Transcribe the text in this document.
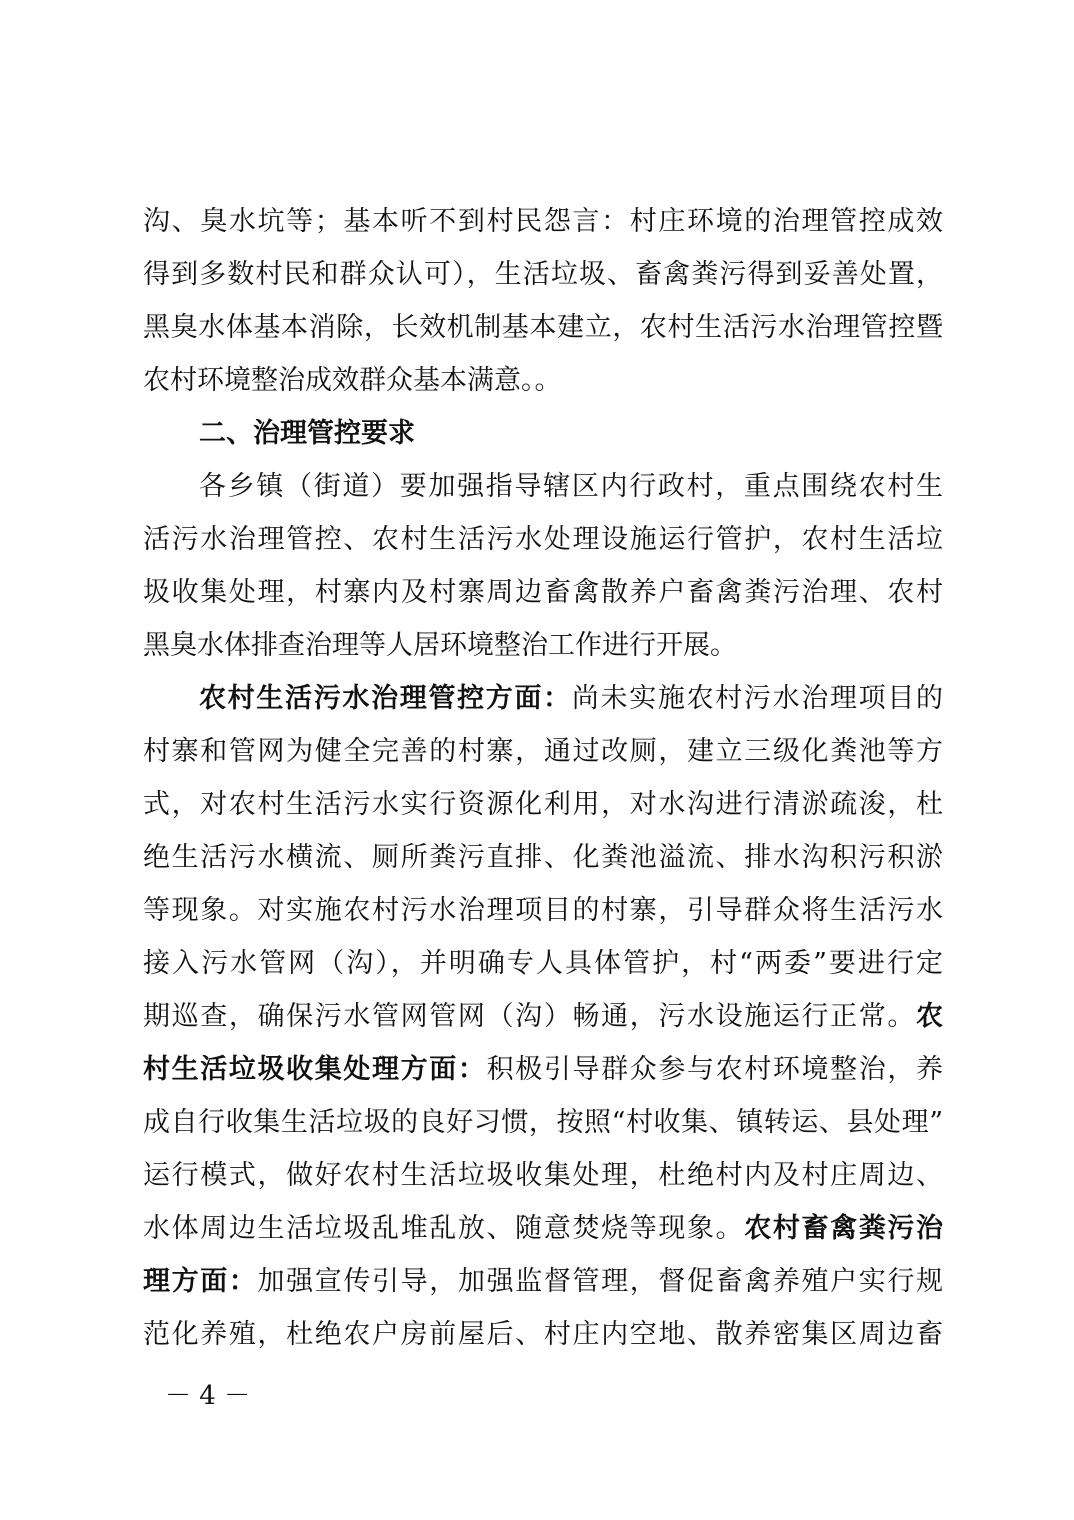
沟、臭水坑等；基本听不到村民怨言：村庄环境的治理管控成效
得到多数村民和群众认可），生活垃圾、畜禽粪污得到妥善处置，
黑臭水体基本消除，长效机制基本建立，农村生活污水治理管控暨
农村环境整治成效群众基本满意。。
二、治理管控要求
各乡镇（街道）要加强指导辖区内行政村，重点围绕农村生
活污水治理管控、农村生活污水处理设施运行管护，农村生活垃
圾收集处理，村寨内及村寨周边畜禽散养户畜禽粪污治理、农村
黑臭水体排查治理等人居环境整治工作进行开展。
农村生活污水治理管控方面：尚未实施农村污水治理项目的
村寨和管网为健全完善的村寨，通过改厕，建立三级化粪池等方
式，对农村生活污水实行资源化利用，对水沟进行清淤疏浚，杜
绝生活污水横流、厕所粪污直排、化粪池溢流、排水沟积污积淤
等现象。对实施农村污水治理项目的村寨，引导群众将生活污水
接入污水管网（沟），并明确专人具体管护，村“两委”要进行定
期巡查，确保污水管网管网（沟）畅通，污水设施运行正常。农
村生活垃圾收集处理方面：积极引导群众参与农村环境整治，养
成自行收集生活垃圾的良好习惯，按照“村收集、镇转运、县处理”
运行模式，做好农村生活垃圾收集处理，杜绝村内及村庄周边、
水体周边生活垃圾乱堆乱放、随意焚烧等现象。农村畜禽粪污治
理方面：加强宣传引导，加强监督管理，督促畜禽养殖户实行规
范化养殖，杜绝农户房前屋后、村庄内空地、散养密集区周边畜
－ 4 －
